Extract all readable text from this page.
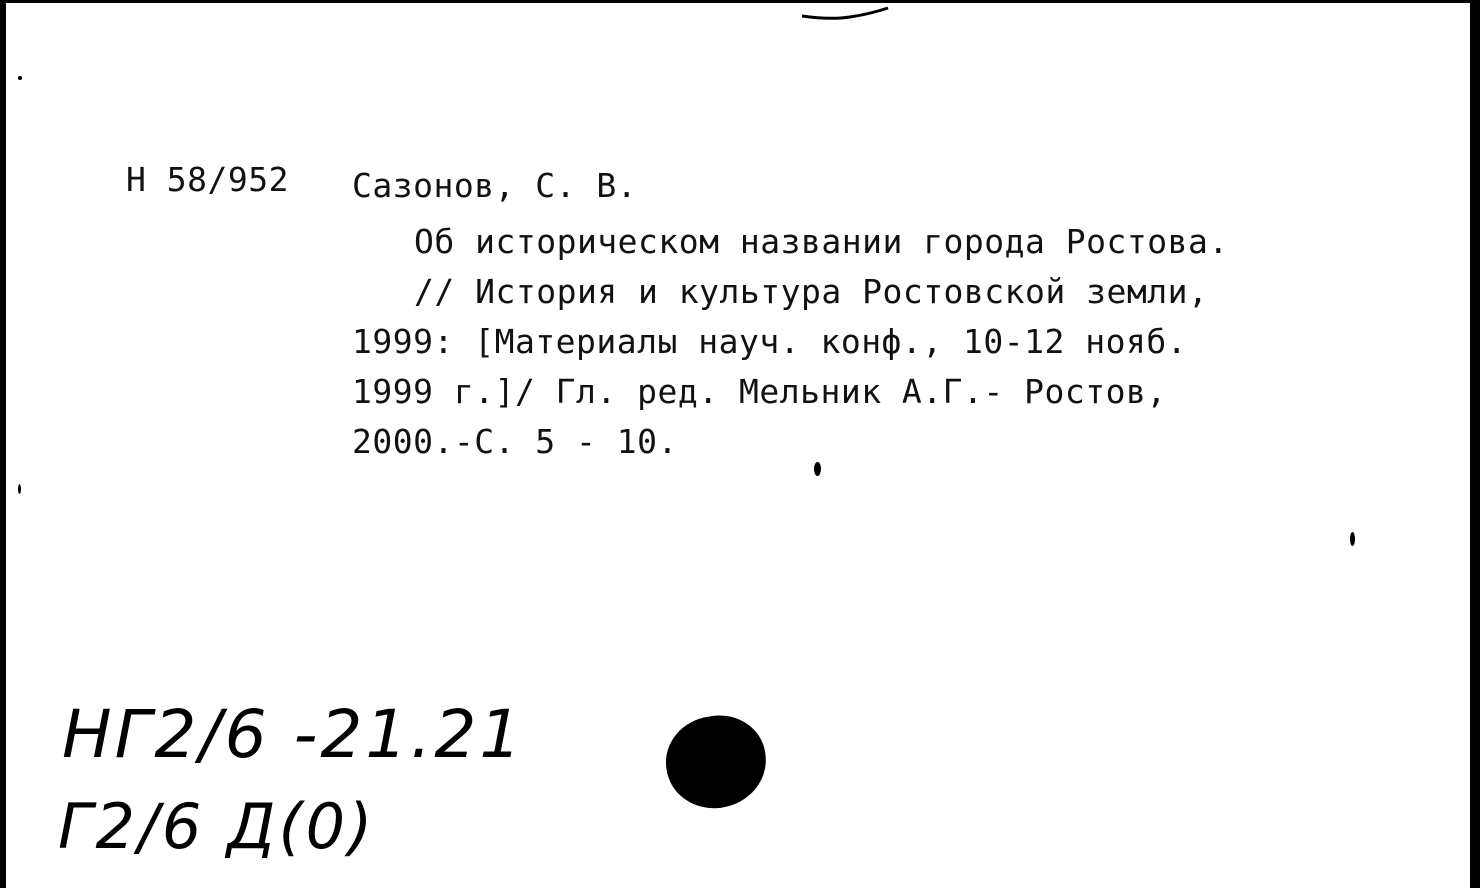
Н 58/952 Сазонов, С. В.
Об историческом названии города Ростова.
// История и культура Ростовской земли,
1999: [Материалы науч. конф., 10-12 нояб.
1999 г.]/ Гл. ред. Мельник А.Г.- Ростов,
2000.-С. 5 - 10.
НГ2/6 -21.21
Г2/6 Д(0)
